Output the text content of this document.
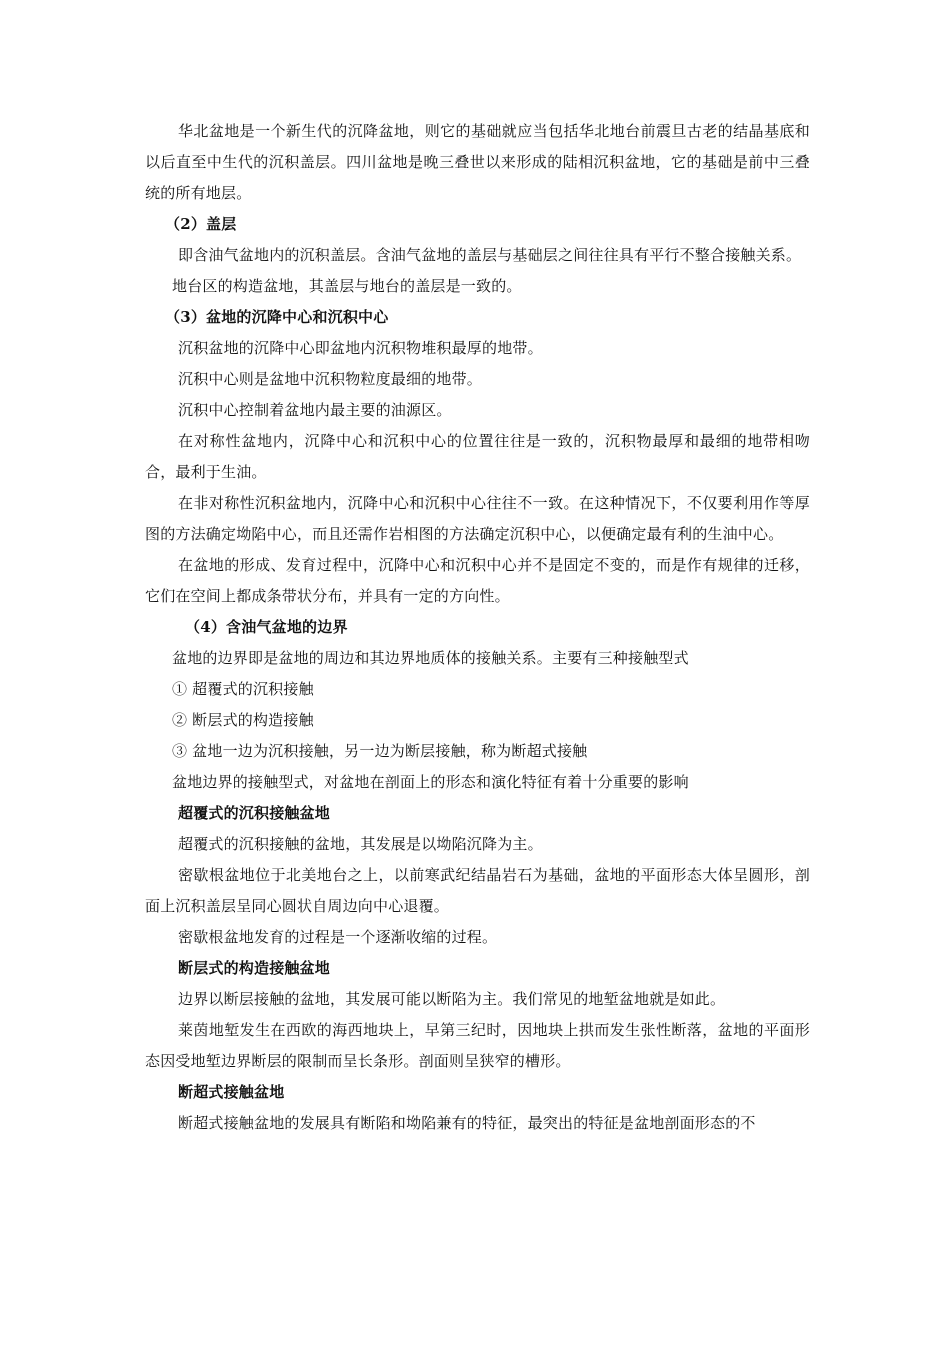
华北盆地是一个新生代的沉降盆地，则它的基础就应当包括华北地台前震旦古老的结晶基底和以后直至中生代的沉积盖层。四川盆地是晚三叠世以来形成的陆相沉积盆地，它的基础是前中三叠统的所有地层。

（2）盖层

即含油气盆地内的沉积盖层。含油气盆地的盖层与基础层之间往往具有平行不整合接触关系。

地台区的构造盆地，其盖层与地台的盖层是一致的。

（3）盆地的沉降中心和沉积中心

沉积盆地的沉降中心即盆地内沉积物堆积最厚的地带。

沉积中心则是盆地中沉积物粒度最细的地带。

沉积中心控制着盆地内最主要的油源区。

在对称性盆地内，沉降中心和沉积中心的位置往往是一致的，沉积物最厚和最细的地带相吻合，最利于生油。

在非对称性沉积盆地内，沉降中心和沉积中心往往不一致。在这种情况下，不仅要利用作等厚图的方法确定坳陷中心，而且还需作岩相图的方法确定沉积中心，以便确定最有利的生油中心。

在盆地的形成、发育过程中，沉降中心和沉积中心并不是固定不变的，而是作有规律的迁移，它们在空间上都成条带状分布，并具有一定的方向性。

（4）含油气盆地的边界

盆地的边界即是盆地的周边和其边界地质体的接触关系。主要有三种接触型式

① 超覆式的沉积接触

② 断层式的构造接触

③ 盆地一边为沉积接触，另一边为断层接触，称为断超式接触

盆地边界的接触型式，对盆地在剖面上的形态和演化特征有着十分重要的影响

超覆式的沉积接触盆地

超覆式的沉积接触的盆地，其发展是以坳陷沉降为主。

密歇根盆地位于北美地台之上，以前寒武纪结晶岩石为基础，盆地的平面形态大体呈圆形，剖面上沉积盖层呈同心圆状自周边向中心退覆。

密歇根盆地发育的过程是一个逐渐收缩的过程。

断层式的构造接触盆地

边界以断层接触的盆地，其发展可能以断陷为主。我们常见的地堑盆地就是如此。

莱茵地堑发生在西欧的海西地块上，早第三纪时，因地块上拱而发生张性断落，盆地的平面形态因受地堑边界断层的限制而呈长条形。剖面则呈狭窄的槽形。

断超式接触盆地

断超式接触盆地的发展具有断陷和坳陷兼有的特征，最突出的特征是盆地剖面形态的不
